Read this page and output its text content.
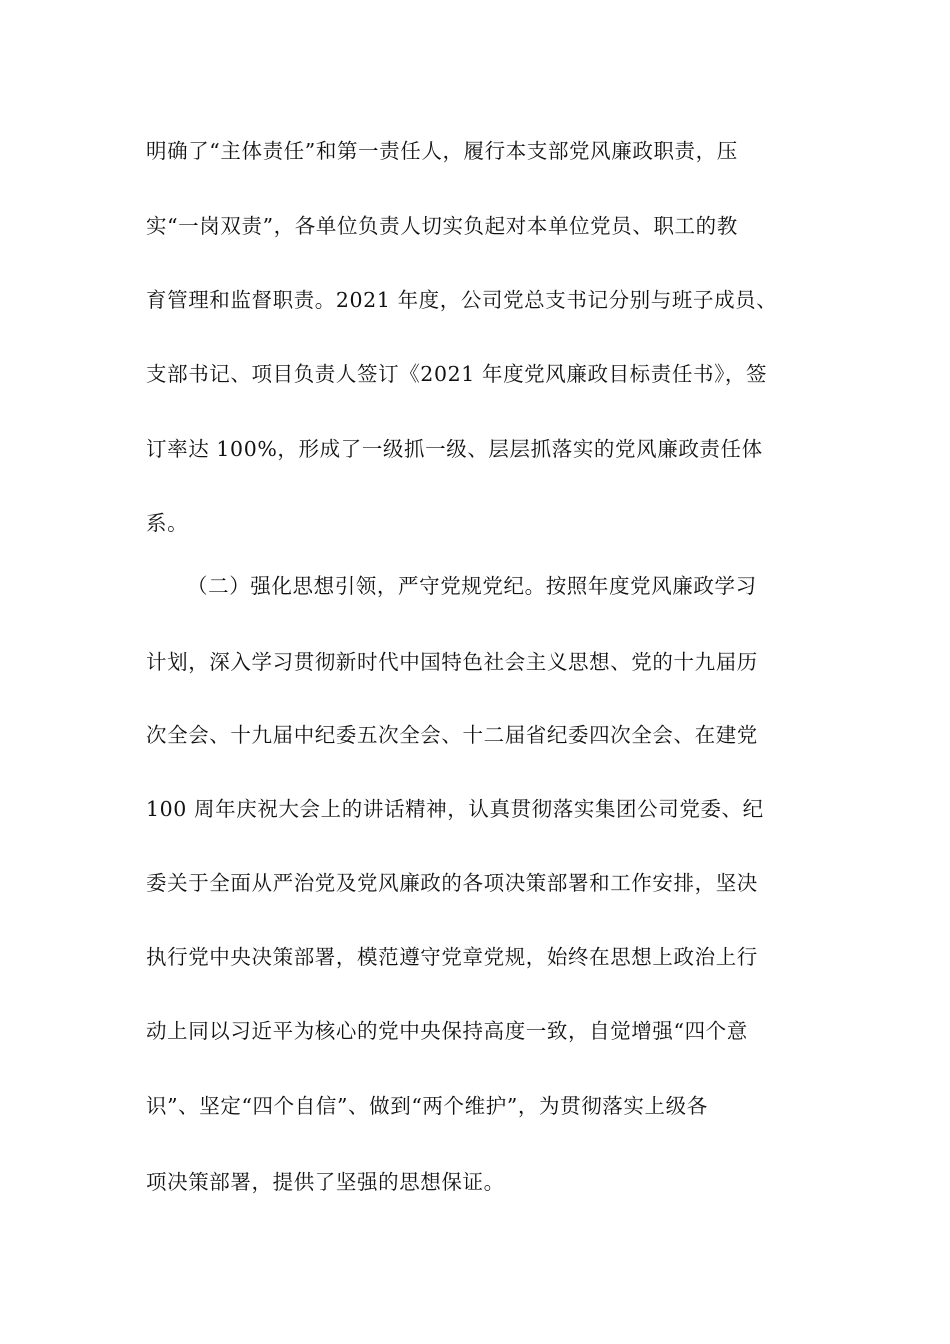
明确了“主体责任”和第一责任人，履行本支部党风廉政职责，压
实“一岗双责”，各单位负责人切实负起对本单位党员、职工的教
育管理和监督职责。2021 年度，公司党总支书记分别与班子成员、
支部书记、项目负责人签订《2021 年度党风廉政目标责任书》，签
订率达 100%，形成了一级抓一级、层层抓落实的党风廉政责任体
系。
（二）强化思想引领，严守党规党纪。按照年度党风廉政学习
计划，深入学习贯彻新时代中国特色社会主义思想、党的十九届历
次全会、十九届中纪委五次全会、十二届省纪委四次全会、在建党
100 周年庆祝大会上的讲话精神，认真贯彻落实集团公司党委、纪
委关于全面从严治党及党风廉政的各项决策部署和工作安排，坚决
执行党中央决策部署，模范遵守党章党规，始终在思想上政治上行
动上同以习近平为核心的党中央保持高度一致，自觉增强“四个意
识”、坚定“四个自信”、做到“两个维护”，为贯彻落实上级各
项决策部署，提供了坚强的思想保证。
